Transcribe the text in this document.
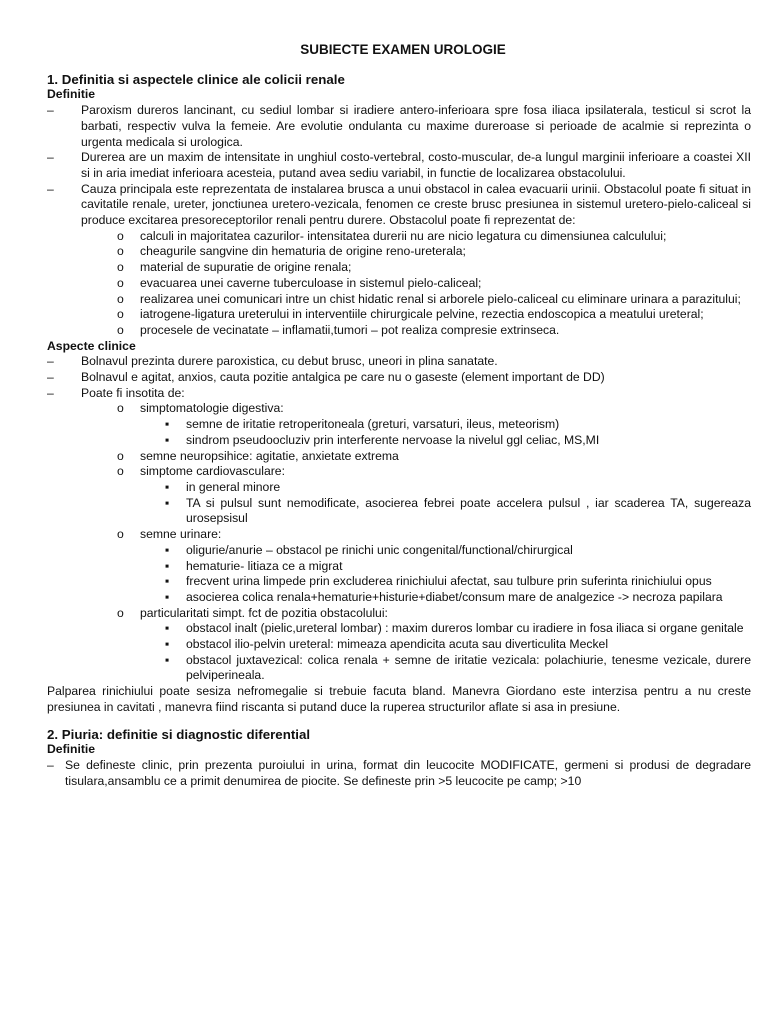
SUBIECTE EXAMEN UROLOGIE
1. Definitia si aspectele clinice ale colicii renale
Definitie
–	Paroxism dureros lancinant, cu sediul lombar si iradiere antero-inferioara spre fosa iliaca ipsilaterala, testicul si scrot la barbati, respectiv vulva la femeie. Are evolutie ondulanta cu maxime dureroase si perioade de acalmie si reprezinta o urgenta medicala si urologica.
–	Durerea are un maxim de intensitate in unghiul costo-vertebral, costo-muscular, de-a lungul marginii inferioare a coastei XII si in aria imediat inferioara acesteia, putand avea sediu variabil, in functie de localizarea obstacolului.
–	Cauza principala este reprezentata de instalarea brusca a unui obstacol in calea evacuarii urinii. Obstacolul poate fi situat in cavitatile renale, ureter, jonctiunea uretero-vezicala, fenomen ce creste brusc presiunea in sistemul uretero-pielo-caliceal si produce excitarea presoreceptorilor renali pentru durere. Obstacolul poate fi reprezentat de:
o calculi in majoritatea cazurilor- intensitatea durerii nu are nicio legatura cu dimensiunea calculului;
o cheagurile sangvine din hematuria de origine reno-ureterala;
o material de supuratie de origine renala;
o evacuarea unei caverne tuberculoase in sistemul pielo-caliceal;
o realizarea unei comunicari intre un chist hidatic renal si arborele pielo-caliceal cu eliminare urinara a parazitului;
o iatrogene-ligatura ureterului in interventiile chirurgicale pelvine, rezectia endoscopica a meatului ureteral;
o procesele de vecinatate – inflamatii,tumori – pot realiza compresie extrinseca.
Aspecte clinice
–	Bolnavul prezinta durere paroxistica, cu debut brusc, uneori in plina sanatate.
–	Bolnavul e agitat, anxios, cauta pozitie antalgica pe care nu o gaseste (element important de DD)
–	Poate fi insotita de:
o simptomatologie digestiva:
▪ semne de iritatie retroperitoneala (greturi, varsaturi, ileus, meteorism)
▪ sindrom pseudoocluziv prin interferente nervoase la nivelul ggl celiac, MS,MI
o semne neuropsihice: agitatie, anxietate extrema
o simptome cardiovasculare:
▪ in general minore
▪ TA si pulsul sunt nemodificate, asocierea febrei poate accelera pulsul , iar scaderea TA, sugereaza urosepsisul
o semne urinare:
▪ oligurie/anurie – obstacol pe rinichi unic congenital/functional/chirurgical
▪ hematurie- litiaza ce a migrat
▪ frecvent urina limpede prin excluderea rinichiului afectat, sau tulbure prin suferinta rinichiului opus
▪ asocierea colica renala+hematurie+histurie+diabet/consum mare de analgezice -> necroza papilara
o particularitati simpt. fct de pozitia obstacolului:
▪ obstacol inalt (pielic,ureteral lombar) : maxim dureros lombar cu iradiere in fosa iliaca si organe genitale
▪ obstacol ilio-pelvin ureteral: mimeaza apendicita acuta sau diverticulita Meckel
▪ obstacol juxtavezical: colica renala + semne de iritatie vezicala: polachiurie, tenesme vezicale, durere pelviperineala.
Palparea rinichiului poate sesiza nefromegalie si trebuie facuta bland. Manevra Giordano este interzisa pentru a nu creste presiunea in cavitati , manevra fiind riscanta si putand duce la ruperea structurilor aflate si asa in presiune.
2. Piuria: definitie si diagnostic diferential
Definitie
– Se defineste clinic, prin prezenta puroiului in urina, format din leucocite MODIFICATE, germeni si produsi de degradare tisulara,ansamblu ce a primit denumirea de piocite. Se defineste prin >5 leucocite pe camp; >10
